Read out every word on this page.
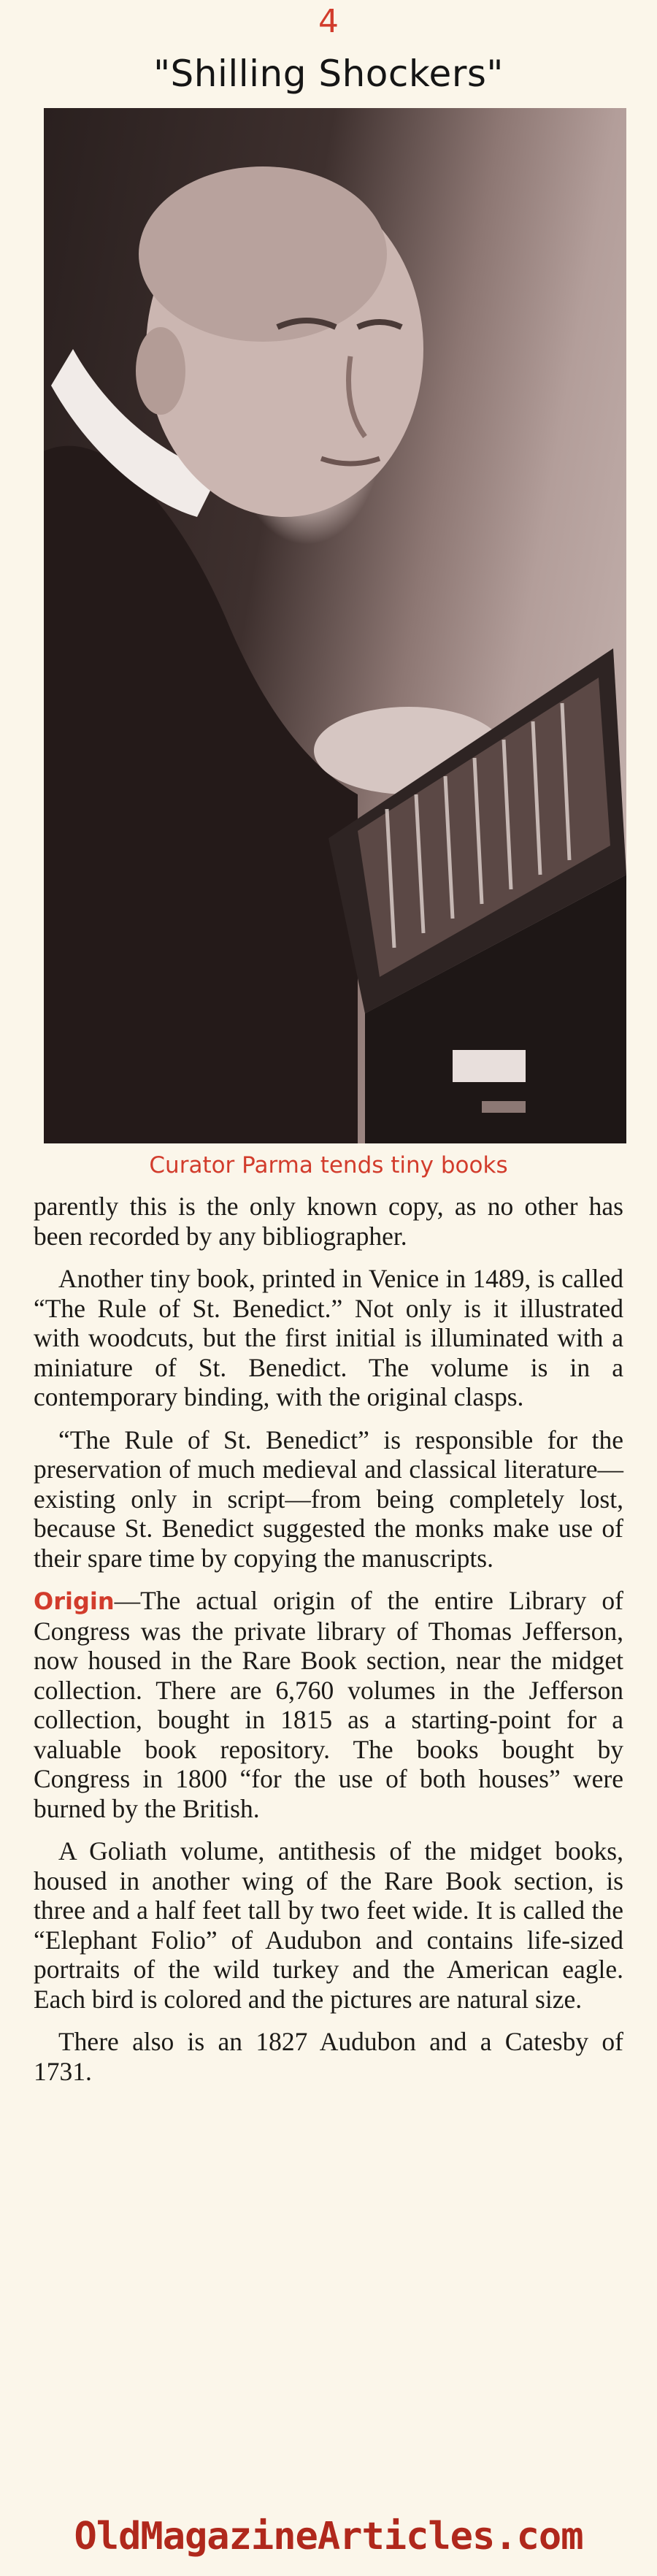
4
"Shilling Shockers"
Curator Parma tends tiny books

parently this is the only known copy, as no other has been recorded by any bibliographer.

Another tiny book, printed in Venice in 1489, is called “The Rule of St. Benedict.” Not only is it illustrated with woodcuts, but the first initial is illuminated with a miniature of St. Benedict. The volume is in a contemporary binding, with the original clasps.

“The Rule of St. Benedict” is responsible for the preservation of much medieval and classical literature—existing only in script—from being completely lost, because St. Benedict suggested the monks make use of their spare time by copying the manuscripts.

Origin—The actual origin of the entire Library of Congress was the private library of Thomas Jefferson, now housed in the Rare Book section, near the midget collection. There are 6,760 volumes in the Jefferson collection, bought in 1815 as a starting-point for a valuable book repository. The books bought by Congress in 1800 “for the use of both houses” were burned by the British.

A Goliath volume, antithesis of the midget books, housed in another wing of the Rare Book section, is three and a half feet tall by two feet wide. It is called the “Elephant Folio” of Audubon and contains life-sized portraits of the wild turkey and the American eagle. Each bird is colored and the pictures are natural size.

There also is an 1827 Audubon and a Catesby of 1731.

OldMagazineArticles.com
